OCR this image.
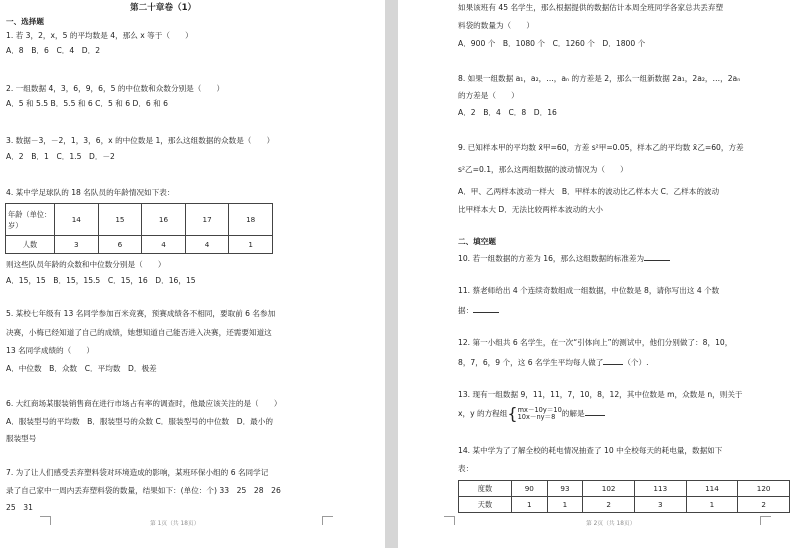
第二十章卷（1）
一、选择题
1. 若 3，2，x，5 的平均数是 4，那么 x 等于（　　）
A．8　B．6　C．4　D．2
2. 一组数据 4，3，6，9，6，5 的中位数和众数分别是（　　）
A．5 和 5.5 B．5.5 和 6 C．5 和 6 D．6 和 6
3. 数据－3，－2，1，3，6，x 的中位数是 1，那么这组数据的众数是（　　）
A．2　B．1　C．1.5　D．－2
4. 某中学足球队的 18 名队员的年龄情况如下表：
年龄（单位：
岁）	14	15	16	17	18
人数	3	6	4	4	1
则这些队员年龄的众数和中位数分别是（　　）
A．15，15　B．15，15.5　C．15，16　D．16，15
5. 某校七年级有 13 名同学参加百米竞赛，预赛成绩各不相同，要取前 6 名参加
决赛，小梅已经知道了自己的成绩，她想知道自己能否进入决赛，还需要知道这
13 名同学成绩的（　　）
A．中位数　B．众数　C．平均数　D．极差
6. 大红商场某服装销售商在进行市场占有率的调查时，他最应该关注的是（　　）
A．服装型号的平均数　B．服装型号的众数 C．服装型号的中位数　D．最小的
服装型号
7. 为了让人们感受丢弃塑料袋对环境造成的影响，某班环保小组的 6 名同学记
录了自己家中一周内丢弃塑料袋的数量，结果如下：(单位：个) 33　25　28　26
25　31
第 1页（共 18页）
如果该班有 45 名学生，那么根据提供的数据估计本周全班同学各家总共丢弃塑
料袋的数量为（　　）
A．900 个　B．1080 个　C．1260 个　D．1800 个
8. 如果一组数据 a₁，a₂，…，aₙ 的方差是 2，那么一组新数据 2a₁，2a₂，…，2aₙ
的方差是（　　）
A．2　B．4　C．8　D．16
9. 已知样本甲的平均数 x̄甲=60，方差 s²甲=0.05，样本乙的平均数 x̄乙=60，方差
s²乙=0.1，那么这两组数据的波动情况为（　　）
A．甲、乙两样本波动一样大　B．甲样本的波动比乙样本大 C．乙样本的波动
比甲样本大 D．无法比较两样本波动的大小
二、填空题
10. 若一组数据的方差为 16，那么这组数据的标准差为
11. 蔡老师给出 4 个连续奇数组成一组数据，中位数是 8，请你写出这 4 个数
据：
12. 第一小组共 6 名学生，在一次“引体向上”的测试中，他们分别做了：8，10，
8，7，6，9 个，这 6 名学生平均每人做了	（个）.
13. 现有一组数据 9，11，11，7，10，8，12，其中位数是 m，众数是 n，则关于
x，y 的方程组{mx－10y＝10
10x－ny＝8 的解是
14. 某中学为了了解全校的耗电情况抽查了 10 中全校每天的耗电量，数据如下
表：
度数	90	93	102	113	114	120
天数	1	1	2	3	1	2
第 2页（共 18页）
